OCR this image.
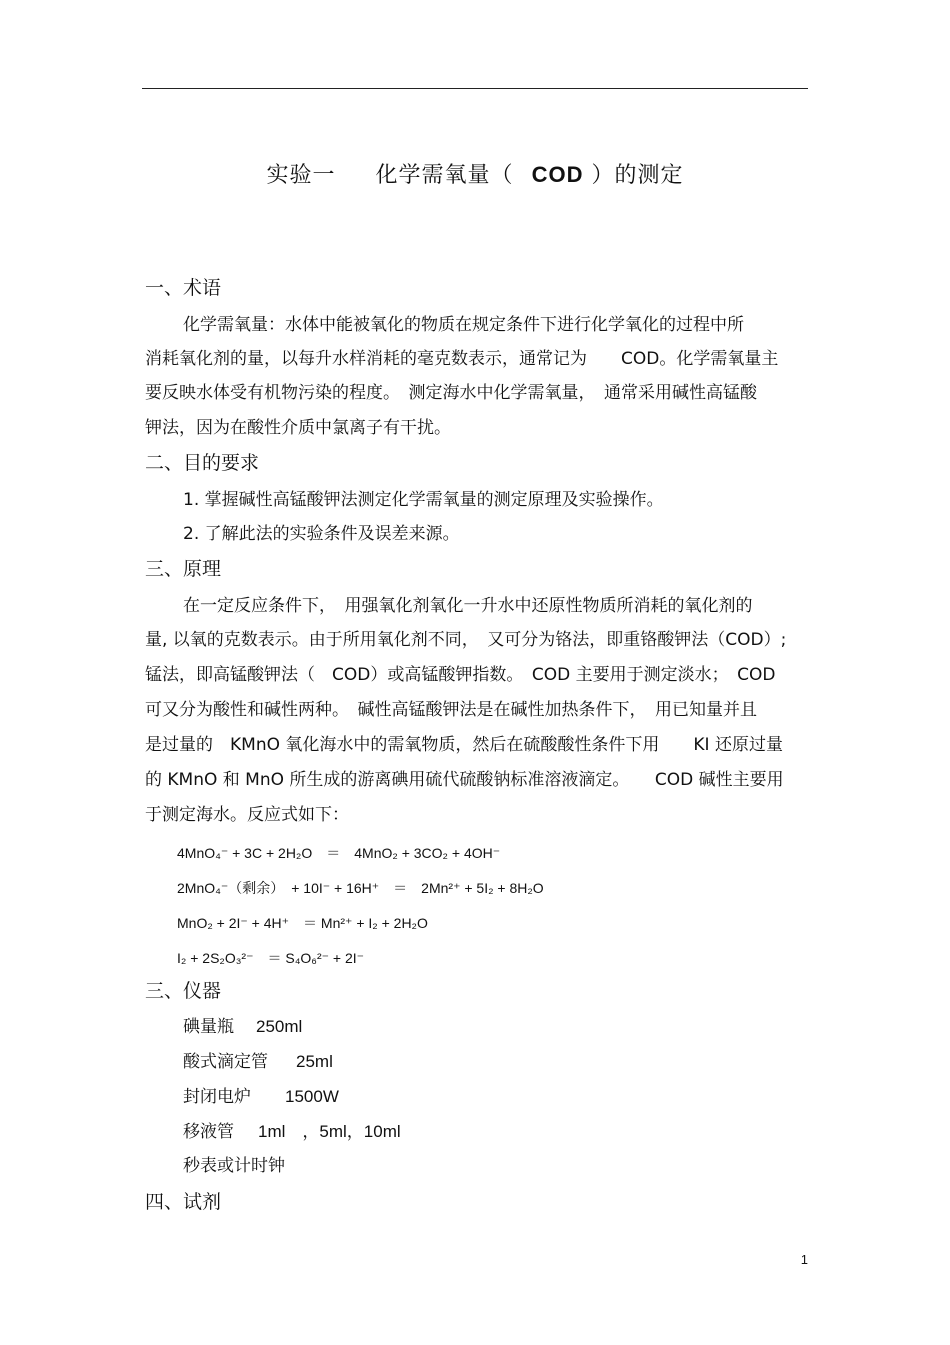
实验一 化学需氧量（ COD ）的测定
一、术语
化学需氧量：水体中能被氧化的物质在规定条件下进行化学氧化的过程中所
消耗氧化剂的量，以每升水样消耗的毫克数表示，通常记为　　COD。化学需氧量主
要反映水体受有机物污染的程度。　测定海水中化学需氧量，　通常采用碱性高锰酸
钾法，因为在酸性介质中氯离子有干扰。
二、目的要求
1. 掌握碱性高锰酸钾法测定化学需氧量的测定原理及实验操作。
2. 了解此法的实验条件及误差来源。
三、原理
在一定反应条件下，　用强氧化剂氧化一升水中还原性物质所消耗的氧化剂的
量, 以氧的克数表示。由于所用氧化剂不同，　又可分为铬法，即重铬酸钾法（COD）;
锰法，即高锰酸钾法（　COD）或高锰酸钾指数。　COD 主要用于测定淡水；　COD
可又分为酸性和碱性两种。　碱性高锰酸钾法是在碱性加热条件下，　用已知量并且
是过量的　KMnO 氧化海水中的需氧物质，然后在硫酸酸性条件下用　　KI 还原过量
的 KMnO 和 MnO 所生成的游离碘用硫代硫酸钠标准溶液滴定。　　COD 碱性主要用
于测定海水。反应式如下：
4MnO₄⁻ + 3C + 2H₂O　＝　4MnO₂ + 3CO₂ + 4OH⁻
2MnO₄⁻（剩余）　+ 10I⁻ + 16H⁺　＝　2Mn²⁺ + 5I₂ + 8H₂O
MnO₂ + 2I⁻ + 4H⁺　＝ Mn²⁺ + I₂ + 2H₂O
I₂ + 2S₂O₃²⁻　＝ S₄O₆²⁻ + 2I⁻
三、仪器
碘量瓶 250ml
酸式滴定管 25ml
封闭电炉 1500W
移液管 1ml　，5ml，10ml
秒表或计时钟
四、试剂
1
